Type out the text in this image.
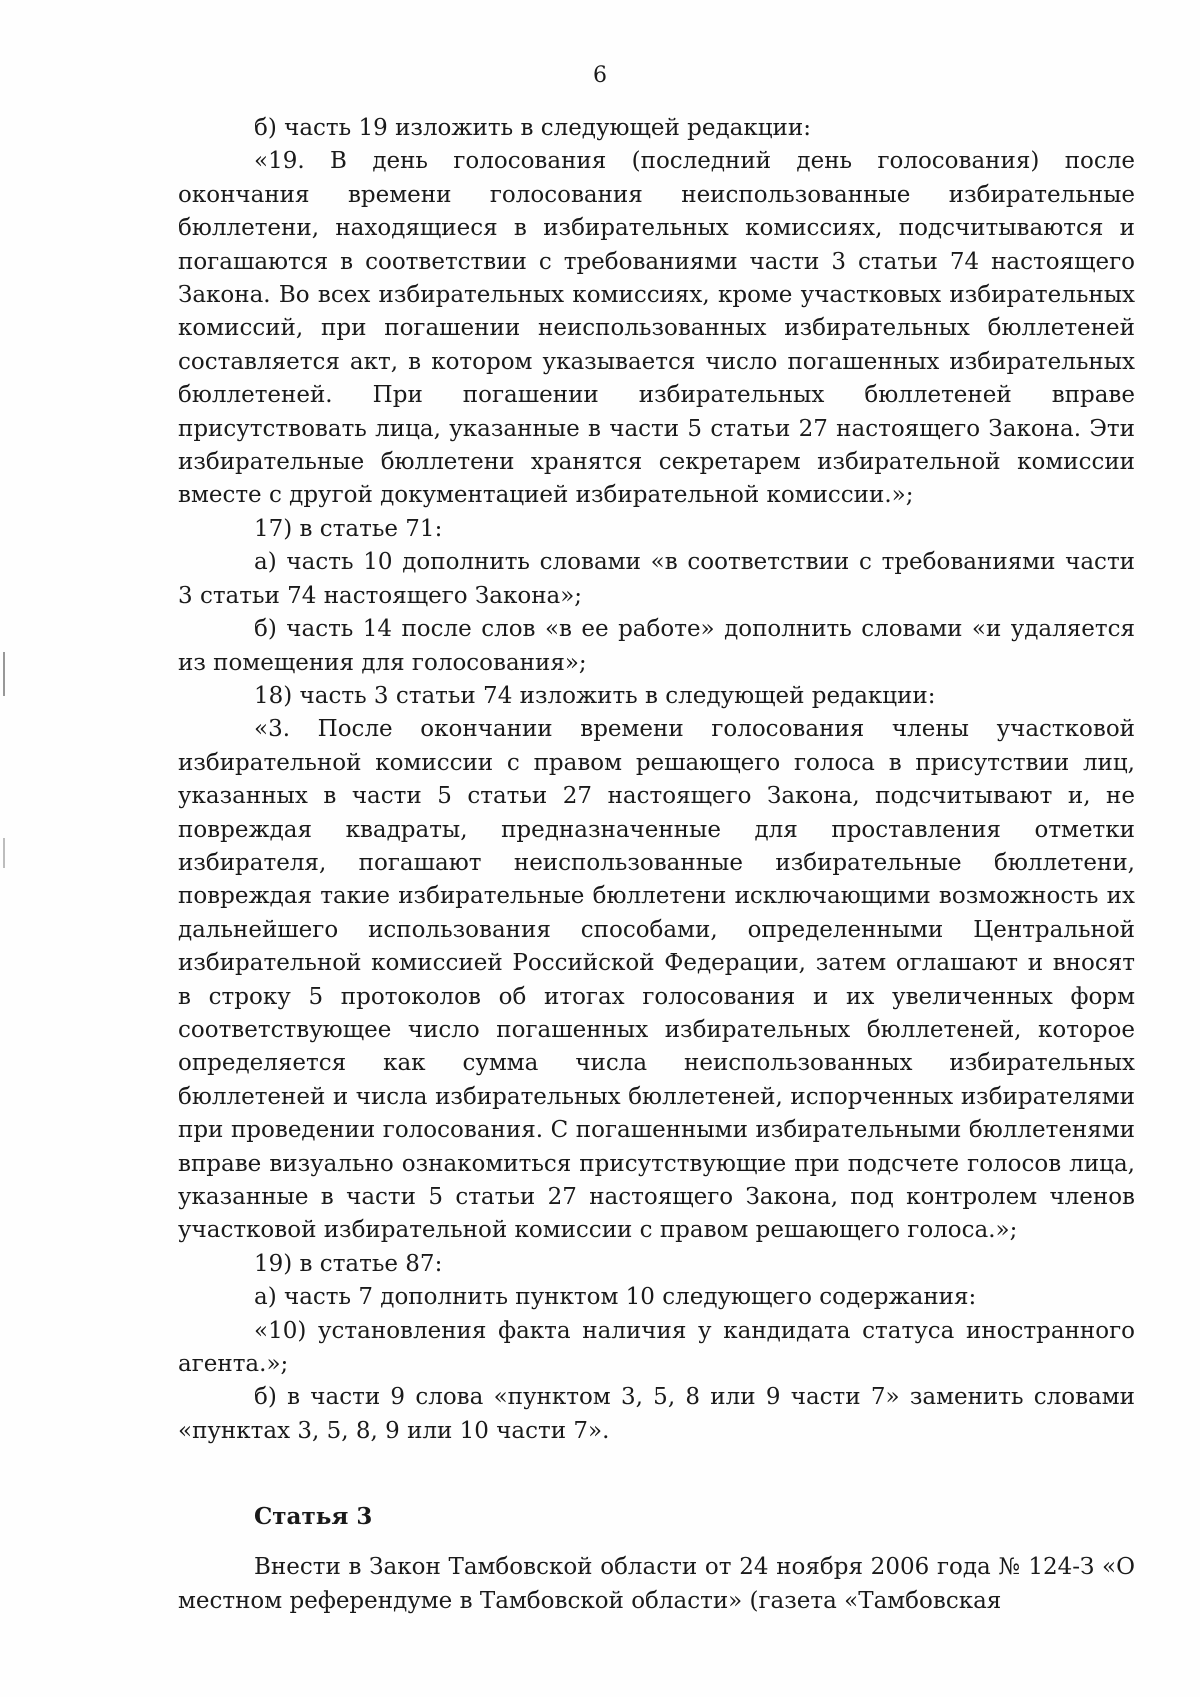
6

б) часть 19 изложить в следующей редакции:

«19. В день голосования (последний день голосования) после окончания времени голосования неиспользованные избирательные бюллетени, находящиеся в избирательных комиссиях, подсчитываются и погашаются в соответствии с требованиями части 3 статьи 74 настоящего Закона. Во всех избирательных комиссиях, кроме участковых избирательных комиссий, при погашении неиспользованных избирательных бюллетеней составляется акт, в котором указывается число погашенных избирательных бюллетеней. При погашении избирательных бюллетеней вправе присутствовать лица, указанные в части 5 статьи 27 настоящего Закона. Эти избирательные бюллетени хранятся секретарем избирательной комиссии вместе с другой документацией избирательной комиссии.»;

17) в статье 71:

а) часть 10 дополнить словами «в соответствии с требованиями части 3 статьи 74 настоящего Закона»;

б) часть 14 после слов «в ее работе» дополнить словами «и удаляется из помещения для голосования»;

18) часть 3 статьи 74 изложить в следующей редакции:

«3. После окончании времени голосования члены участковой избирательной комиссии с правом решающего голоса в присутствии лиц, указанных в части 5 статьи 27 настоящего Закона, подсчитывают и, не повреждая квадраты, предназначенные для проставления отметки избирателя, погашают неиспользованные избирательные бюллетени, повреждая такие избирательные бюллетени исключающими возможность их дальнейшего использования способами, определенными Центральной избирательной комиссией Российской Федерации, затем оглашают и вносят в строку 5 протоколов об итогах голосования и их увеличенных форм соответствующее число погашенных избирательных бюллетеней, которое определяется как сумма числа неиспользованных избирательных бюллетеней и числа избирательных бюллетеней, испорченных избирателями при проведении голосования. С погашенными избирательными бюллетенями вправе визуально ознакомиться присутствующие при подсчете голосов лица, указанные в части 5 статьи 27 настоящего Закона, под контролем членов участковой избирательной комиссии с правом решающего голоса.»;

19) в статье 87:

а) часть 7 дополнить пунктом 10 следующего содержания:

«10) установления факта наличия у кандидата статуса иностранного агента.»;

б) в части 9 слова «пунктом 3, 5, 8 или 9 части 7» заменить словами «пунктах 3, 5, 8, 9 или 10 части 7».

Статья 3

Внести в Закон Тамбовской области от 24 ноября 2006 года № 124-З «О местном референдуме в Тамбовской области» (газета «Тамбовская
